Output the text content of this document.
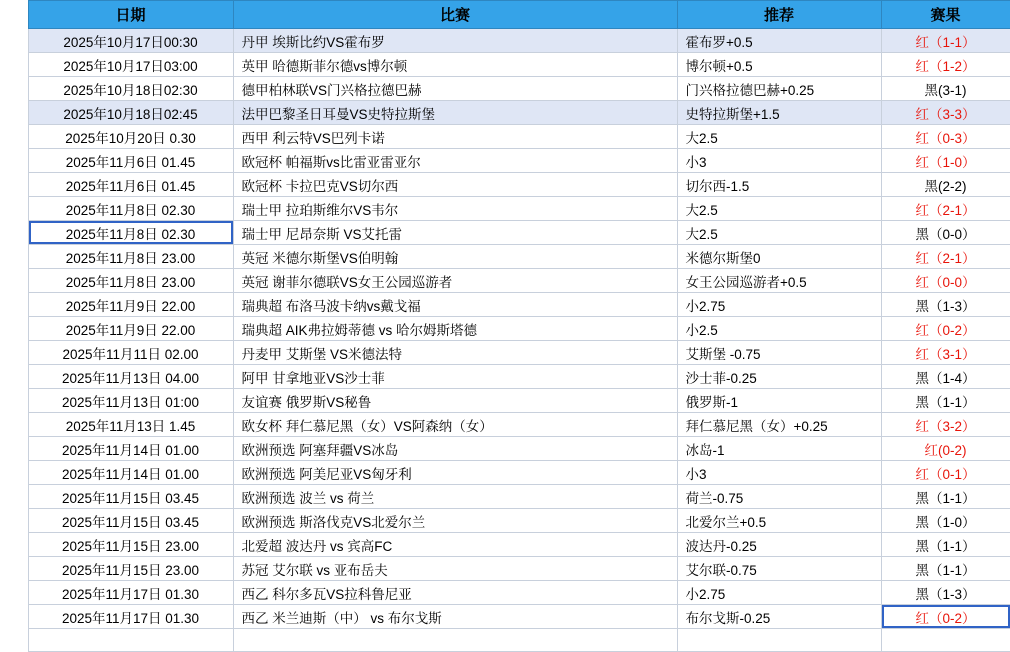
	日期	比赛	推荐	赛果
	2025年10月17日00:30	丹甲 埃斯比约VS霍布罗	霍布罗+0.5	红（1-1）
	2025年10月17日03:00	英甲 哈德斯菲尔德vs博尔顿	博尔顿+0.5	红（1-2）
	2025年10月18日02:30	德甲柏林联VS门兴格拉德巴赫	门兴格拉德巴赫+0.25	黑(3-1)
	2025年10月18日02:45	法甲巴黎圣日耳曼VS史特拉斯堡	史特拉斯堡+1.5	红（3-3）
	2025年10月20日 0.30	西甲 利云特VS巴列卡诺	大2.5	红（0-3）
	2025年11月6日 01.45	欧冠杯 帕福斯vs比雷亚雷亚尔	小3	红（1-0）
	2025年11月6日 01.45	欧冠杯 卡拉巴克VS切尔西	切尔西-1.5	黑(2-2)
	2025年11月8日 02.30	瑞士甲 拉珀斯维尔VS韦尔	大2.5	红（2-1）
	2025年11月8日 02.30	瑞士甲 尼昂奈斯 VS艾托雷	大2.5	黑（0-0）
	2025年11月8日 23.00	英冠 米德尔斯堡VS伯明翰	米德尔斯堡0	红（2-1）
	2025年11月8日 23.00	英冠 谢菲尔德联VS女王公园巡游者	女王公园巡游者+0.5	红（0-0）
	2025年11月9日 22.00	瑞典超 布洛马波卡纳vs戴戈福	小2.75	黑（1-3）
	2025年11月9日 22.00	瑞典超 AIK弗拉姆蒂德 vs 哈尔姆斯塔德	小2.5	红（0-2）
	2025年11月11日 02.00	丹麦甲 艾斯堡 VS米德法特	艾斯堡 -0.75	红（3-1）
	2025年11月13日 04.00	阿甲 甘拿地亚VS沙士菲	沙士菲-0.25	黑（1-4）
	2025年11月13日 01:00	友谊赛 俄罗斯VS秘鲁	俄罗斯-1	黑（1-1）
	2025年11月13日 1.45	欧女杯 拜仁慕尼黑（女）VS阿森纳（女）	拜仁慕尼黑（女）+0.25	红（3-2）
	2025年11月14日 01.00	欧洲预选 阿塞拜疆VS冰岛	冰岛-1	红(0-2)
	2025年11月14日 01.00	欧洲预选 阿美尼亚VS匈牙利	小3	红（0-1）
	2025年11月15日 03.45	欧洲预选 波兰 vs 荷兰	荷兰-0.75	黑（1-1）
	2025年11月15日 03.45	欧洲预选 斯洛伐克VS北爱尔兰	北爱尔兰+0.5	黑（1-0）
	2025年11月15日 23.00	北爱超 波达丹 vs 宾高FC	波达丹-0.25	黑（1-1）
	2025年11月15日 23.00	苏冠 艾尔联 vs 亚布岳夫	艾尔联-0.75	黑（1-1）
	2025年11月17日 01.30	西乙 科尔多瓦VS拉科鲁尼亚	小2.75	黑（1-3）
	2025年11月17日 01.30	西乙 米兰迪斯（中） vs 布尔戈斯	布尔戈斯-0.25	红（0-2）
